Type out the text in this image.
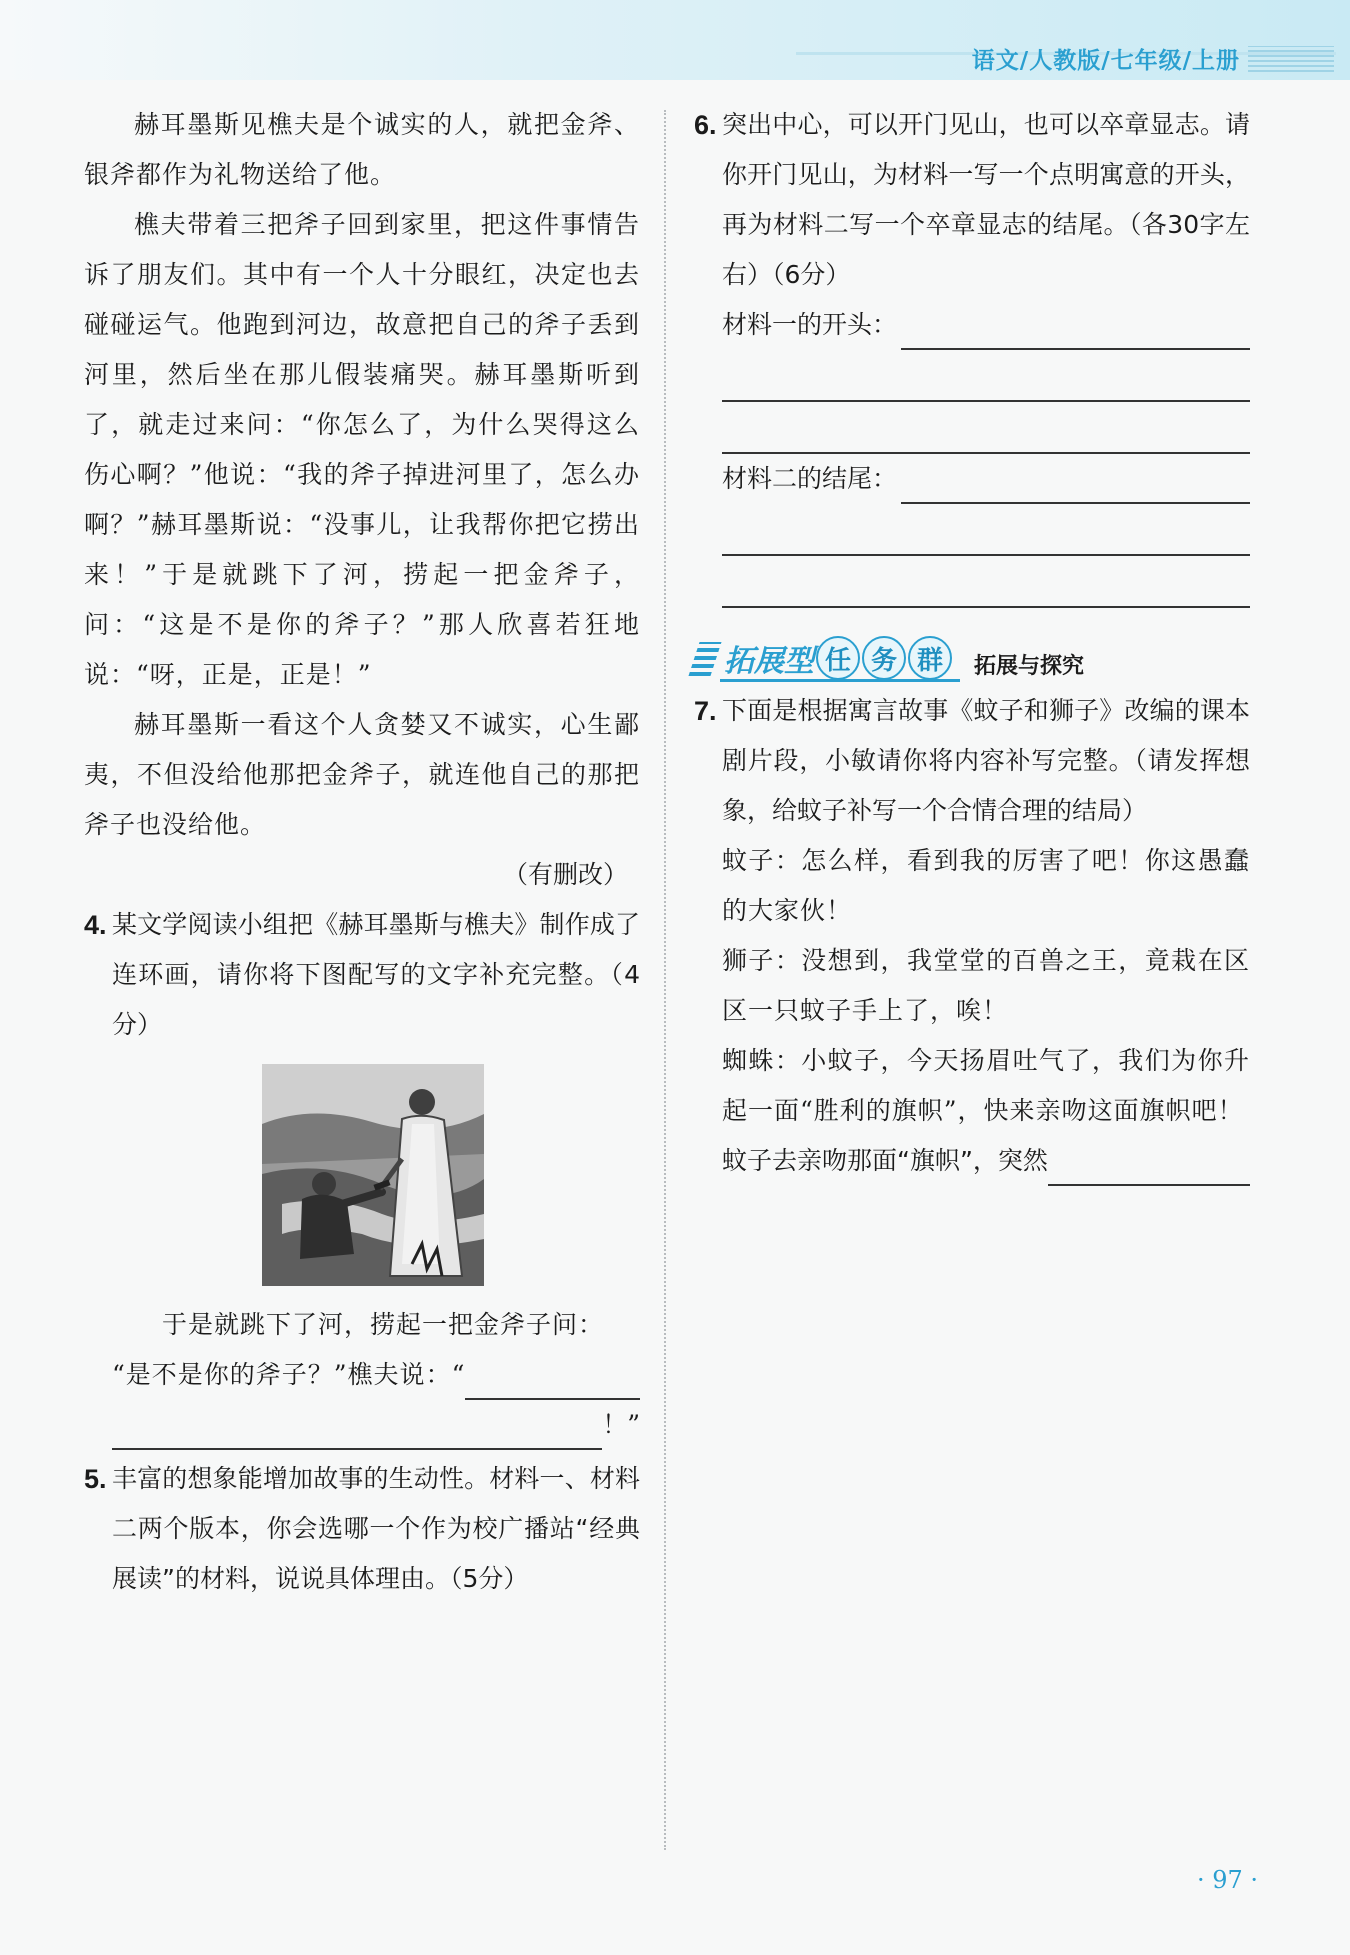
语文/人教版/七年级/上册

赫耳墨斯见樵夫是个诚实的人，就把金斧、银斧都作为礼物送给了他。

樵夫带着三把斧子回到家里，把这件事情告诉了朋友们。其中有一个人十分眼红，决定也去碰碰运气。他跑到河边，故意把自己的斧子丢到河里，然后坐在那儿假装痛哭。赫耳墨斯听到了，就走过来问：“你怎么了，为什么哭得这么伤心啊？”他说：“我的斧子掉进河里了，怎么办啊？”赫耳墨斯说：“没事儿，让我帮你把它捞出来！”于是就跳下了河，捞起一把金斧子，问：“这是不是你的斧子？”那人欣喜若狂地说：“呀，正是，正是！”

赫耳墨斯一看这个人贪婪又不诚实，心生鄙夷，不但没给他那把金斧子，就连他自己的那把斧子也没给他。

（有删改）

4. 某文学阅读小组把《赫耳墨斯与樵夫》制作成了连环画，请你将下图配写的文字补充完整。（4分）
于是就跳下了河，捞起一把金斧子问：
“是不是你的斧子？”樵夫说：“
！”
5. 丰富的想象能增加故事的生动性。材料一、材料二两个版本，你会选哪一个作为校广播站“经典展读”的材料，说说具体理由。（5分）
6. 突出中心，可以开门见山，也可以卒章显志。请你开门见山，为材料一写一个点明寓意的开头，再为材料二写一个卒章显志的结尾。（各30字左右）（6分）
材料一的开头：
材料二的结尾：
拓展型 任 务 群	拓展与探究
7. 下面是根据寓言故事《蚊子和狮子》改编的课本剧片段，小敏请你将内容补写完整。（请发挥想象，给蚊子补写一个合情合理的结局）

蚊子：怎么样，看到我的厉害了吧！你这愚蠢的大家伙！

狮子：没想到，我堂堂的百兽之王，竟栽在区区一只蚊子手上了，唉！

蜘蛛：小蚊子，今天扬眉吐气了，我们为你升起一面“胜利的旗帜”，快来亲吻这面旗帜吧！

蚊子去亲吻那面“旗帜”，突然
· 97 ·
